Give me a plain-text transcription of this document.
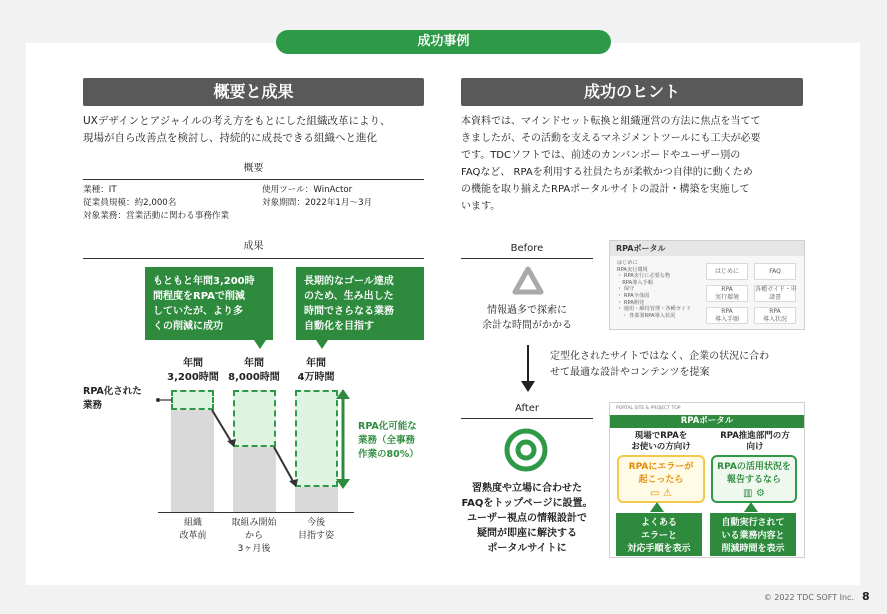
成功事例
概要と成果
UXデザインとアジャイルの考え方をもとにした組織改革により、
現場が自ら改善点を検討し、持続的に成長できる組織へと進化
概要
業種：IT
従業員規模：約2,000名
対象業務：営業活動に関わる事務作業
使用ツール：WinActor
対象期間：2022年1月～3月
成果
もともと年間3,200時
間程度をRPAで削減
していたが、より多
くの削減に成功
長期的なゴール達成
のため、生み出した
時間でさらなる業務
自動化を目指す
年間
3,200時間
年間
8,000時間
年間
4万時間
RPA化された
業務
RPA化可能な
業務（全事務
作業の80%）
組織
改革前
取組み開始
から
3ヶ月後
今後
目指す姿
成功のヒント
本資料では、マインドセット転換と組織運営の方法に焦点を当てて
きましたが、その活動を支えるマネジメントツールにも工夫が必要
です。TDCソフトでは、前述のカンバンボードやユーザー別の
FAQなど、 RPAを利用する社員たちが柔軟かつ自律的に動くため
の機能を取り揃えたRPAポータルサイトの設計・構築を実施して
います。
Before
情報過多で探索に
余計な時間がかかる
定型化されたサイトではなく、企業の状況に合わ
せて最適な設計やコンテンツを提案
After
習熟度や立場に合わせた
FAQをトップページに設置。
ユーザー視点の情報設計で
疑問が即座に解決する
ポータルサイトに
RPAポータル
はじめに
RPA実行環境
・ RPA実行に必要な物
　RPA導入手順
・ 保守
・ RPA全体図
・ RPA開発
・ 運用・維持管理・各種ガイド
　・ 各部署RPA導入状況
はじめに	FAQ
RPA
実行環境
各種ガイド・申
請書
RPA
導入手順
RPA
導入状況
PORTAL SITE & PROJECT TOP
RPAポータル
現場でRPAを
お使いの方向け
RPA推進部門の方
向け
RPAにエラーが
起こったら
▭ ⚠
RPAの活用状況を
報告するなら
▥ ⚙
よくある
エラーと
対応手順を表示
自動実行されて
いる業務内容と
削減時間を表示
© 2022 TDC SOFT Inc. 8
